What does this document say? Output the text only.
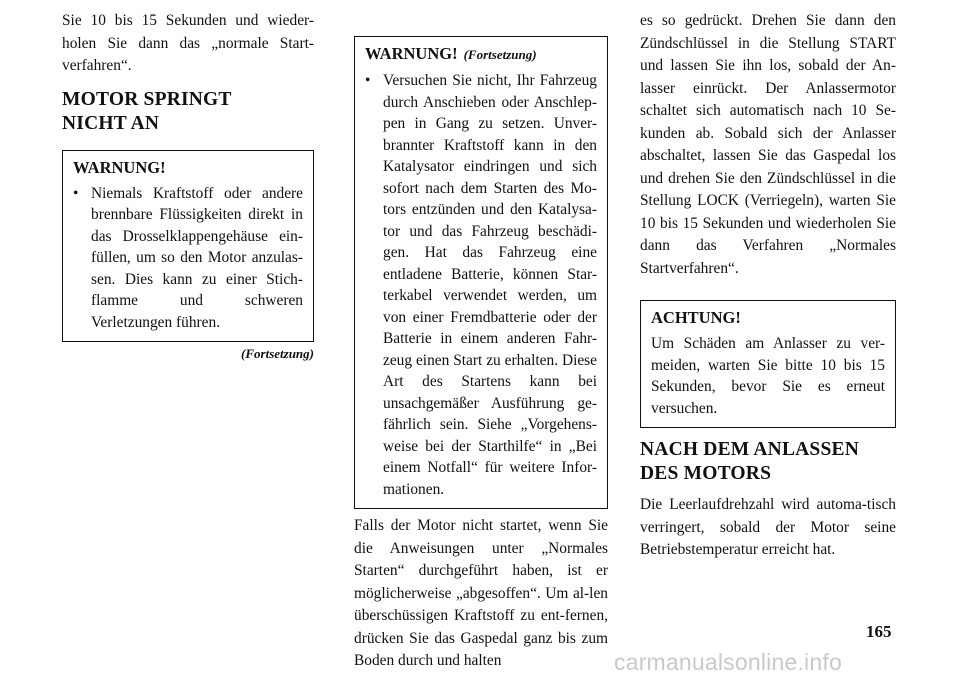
Sie 10 bis 15 Sekunden und wieder-holen Sie dann das „normale Start-verfahren“.

MOTOR SPRINGT NICHT AN

WARNUNG!

• Niemals Kraftstoff oder andere brennbare Flüssigkeiten direkt in das Drosselklappengehäuse ein-füllen, um so den Motor anzulas-sen. Dies kann zu einer Stich-flamme und schweren Verletzungen führen.
(Fortsetzung)

WARNUNG! (Fortsetzung)

• Versuchen Sie nicht, Ihr Fahrzeug durch Anschieben oder Anschlep-pen in Gang zu setzen. Unver-brannter Kraftstoff kann in den Katalysator eindringen und sich sofort nach dem Starten des Mo-tors entzünden und den Katalysa-tor und das Fahrzeug beschädi-gen. Hat das Fahrzeug eine entladene Batterie, können Star-terkabel verwendet werden, um von einer Fremdbatterie oder der Batterie in einem anderen Fahr-zeug einen Start zu erhalten. Diese Art des Startens kann bei unsachgemäßer Ausführung ge-fährlich sein. Siehe „Vorgehens-weise bei der Starthilfe“ in „Bei einem Notfall“ für weitere Infor-mationen.

Falls der Motor nicht startet, wenn Sie die Anweisungen unter „Normales Starten“ durchgeführt haben, ist er möglicherweise „abgesoffen“. Um al-len überschüssigen Kraftstoff zu ent-fernen, drücken Sie das Gaspedal ganz bis zum Boden durch und halten

es so gedrückt. Drehen Sie dann den Zündschlüssel in die Stellung START und lassen Sie ihn los, sobald der An-lasser einrückt. Der Anlassermotor schaltet sich automatisch nach 10 Se-kunden ab. Sobald sich der Anlasser abschaltet, lassen Sie das Gaspedal los und drehen Sie den Zündschlüssel in die Stellung LOCK (Verriegeln), warten Sie 10 bis 15 Sekunden und wiederholen Sie dann das Verfahren „Normales Startverfahren“.

ACHTUNG!

Um Schäden am Anlasser zu ver-meiden, warten Sie bitte 10 bis 15 Sekunden, bevor Sie es erneut versuchen.

NACH DEM ANLASSEN DES MOTORS

Die Leerlaufdrehzahl wird automa-tisch verringert, sobald der Motor seine Betriebstemperatur erreicht hat.

165
carmanualsonline.info
